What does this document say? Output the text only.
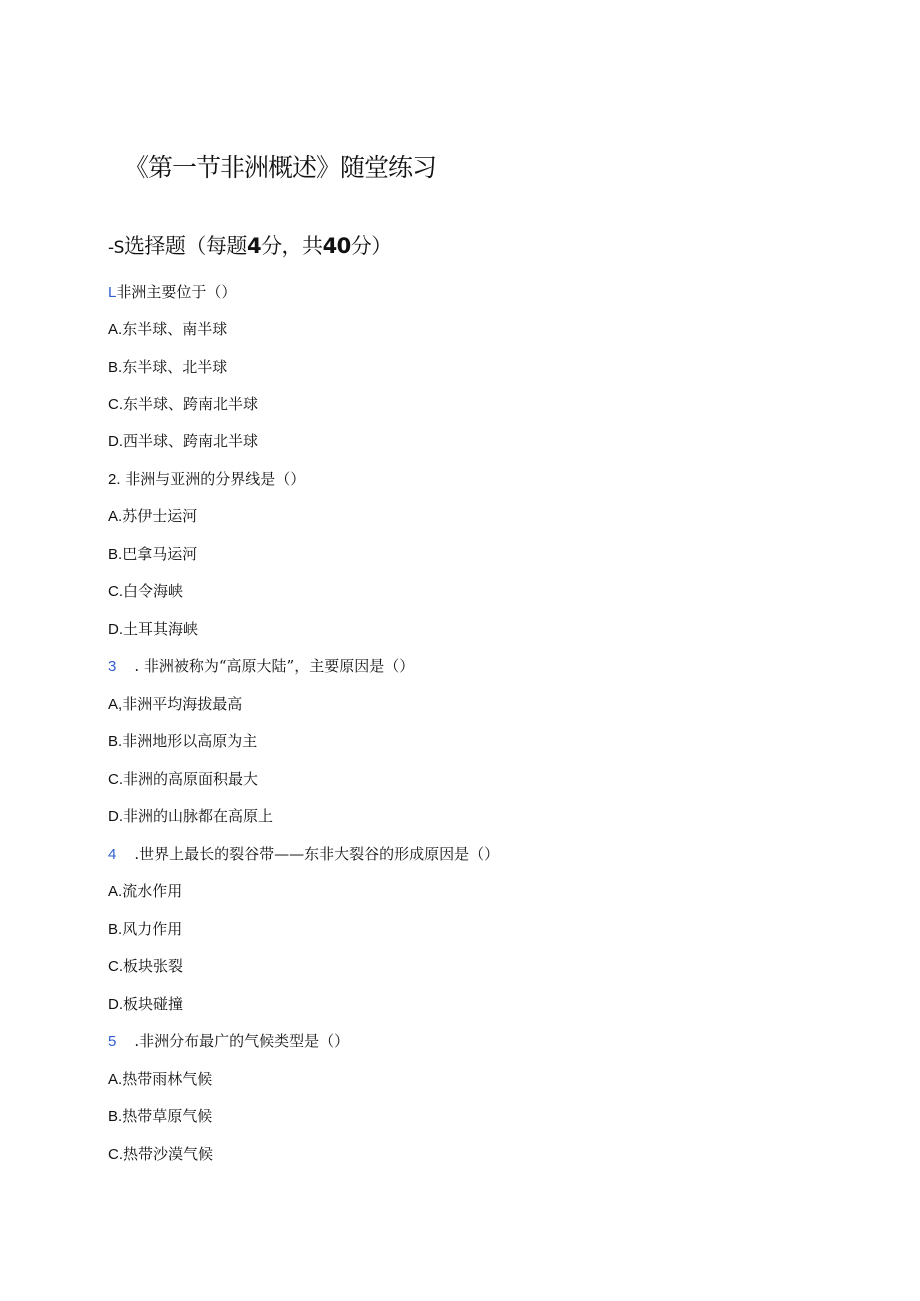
《第一节非洲概述》随堂练习
-S选择题（每题4分，共40分）
L非洲主要位于（）
A.东半球、南半球
B.东半球、北半球
C.东半球、跨南北半球
D.西半球、跨南北半球
2. 非洲与亚洲的分界线是（）
A.苏伊士运河
B.巴拿马运河
C.白令海峡
D.土耳其海峡
3 . 非洲被称为“高原大陆”，主要原因是（）
A,非洲平均海拔最高
B.非洲地形以高原为主
C.非洲的高原面积最大
D.非洲的山脉都在高原上
4 .世界上最长的裂谷带——东非大裂谷的形成原因是（）
A.流水作用
B.风力作用
C.板块张裂
D.板块碰撞
5 .非洲分布最广的气候类型是（）
A.热带雨林气候
B.热带草原气候
C.热带沙漠气候
